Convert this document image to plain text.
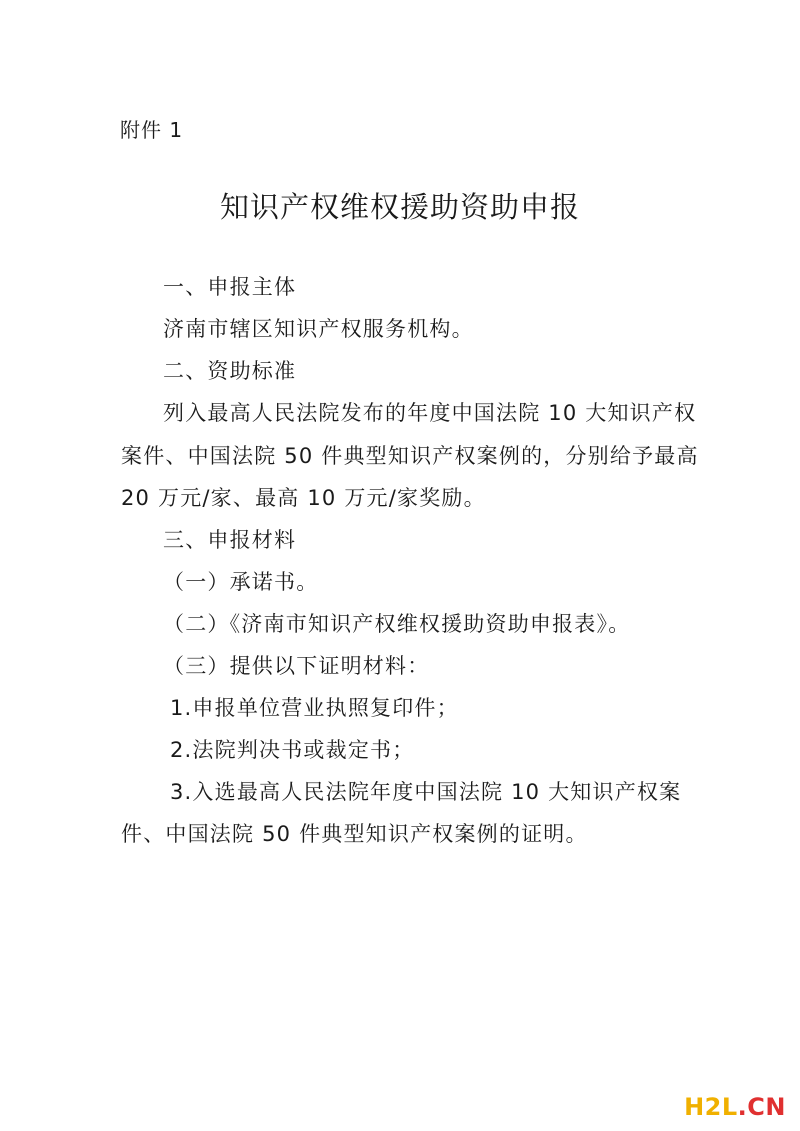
附件 1
知识产权维权援助资助申报
一、申报主体
济南市辖区知识产权服务机构。
二、资助标准
列入最高人民法院发布的年度中国法院 10 大知识产权
案件、中国法院 50 件典型知识产权案例的，分别给予最高
20 万元/家、最高 10 万元/家奖励。
三、申报材料
（一）承诺书。
（二）《济南市知识产权维权援助资助申报表》。
（三）提供以下证明材料：
1.申报单位营业执照复印件；
2.法院判决书或裁定书；
3.入选最高人民法院年度中国法院 10 大知识产权案
件、中国法院 50 件典型知识产权案例的证明。
H2L.CN
